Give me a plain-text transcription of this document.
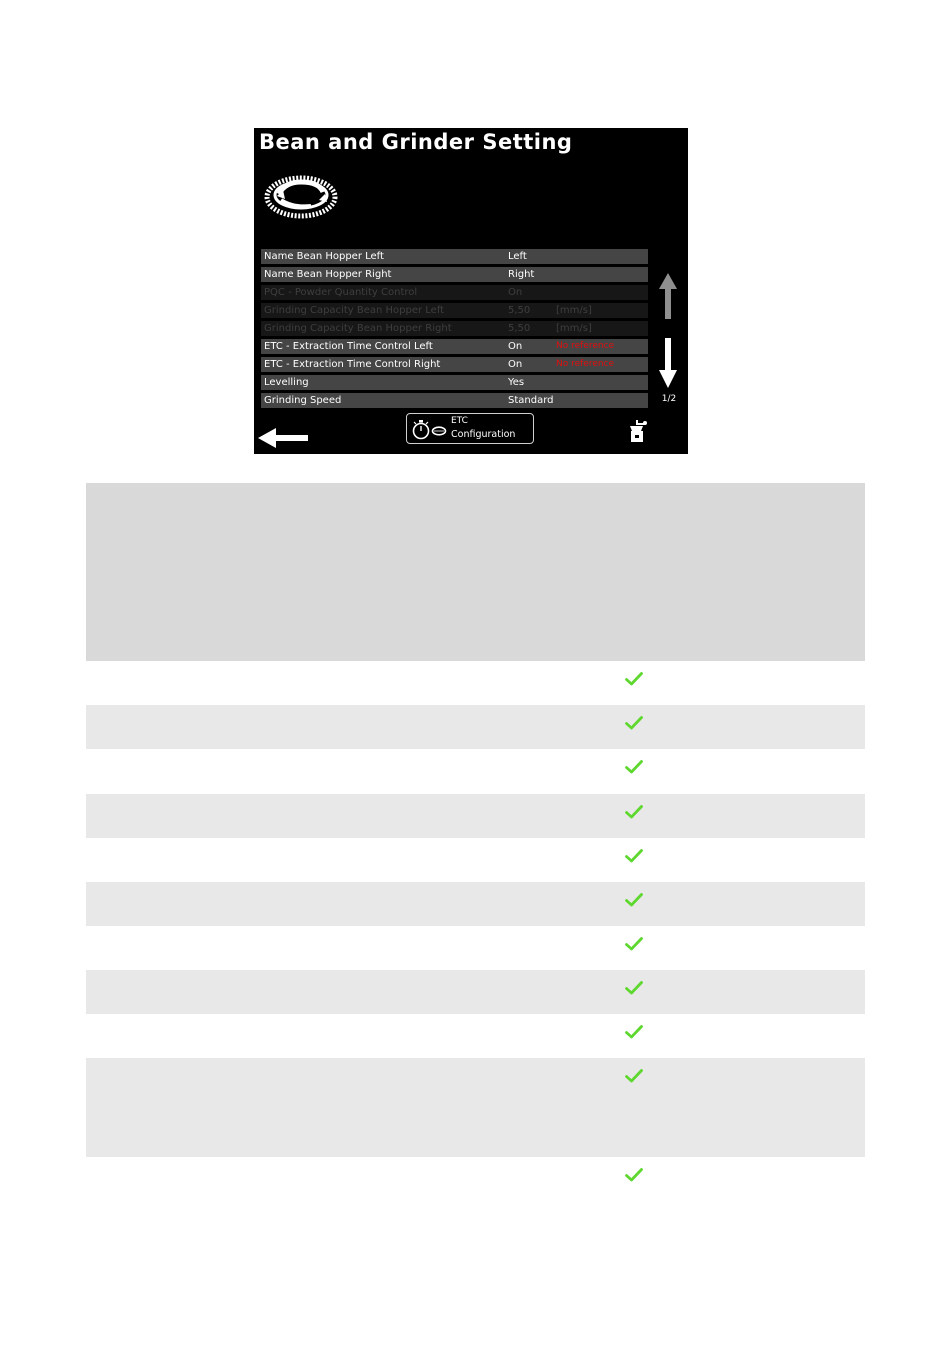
Bean and Grinder Setting
Name Bean Hopper Left	Left
Name Bean Hopper Right	Right
PQC - Powder Quantity Control	On
Grinding Capacity Bean Hopper Left	5,50	[mm/s]
Grinding Capacity Bean Hopper Right	5,50	[mm/s]
ETC - Extraction Time Control Left	On	No reference
ETC - Extraction Time Control Right	On	No reference
Levelling	Yes
Grinding Speed	Standard	1/2
ETC
Configuration
